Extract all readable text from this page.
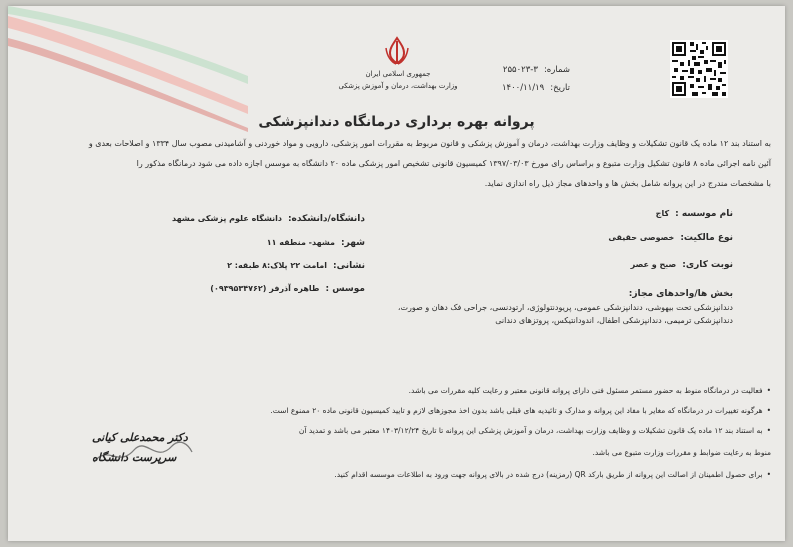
جمهوری اسلامی ایران
وزارت بهداشت، درمان و آموزش پزشکی
شماره:۳-۲۵۵۰۲۳
تاریخ:۱۴۰۰/۱۱/۱۹
پروانه بهره برداری درمانگاه دندانپزشکی
به استناد بند ۱۲ ماده یک قانون تشکیلات و وظایف وزارت بهداشت، درمان و آموزش پزشکی و قانون مربوط به مقررات امور پزشکی، دارویی و مواد خوردنی و آشامیدنی مصوب سال ۱۳۳۴ و اصلاحات بعدی و
آئین نامه اجرائی ماده ۸ قانون تشکیل وزارت متبوع و براساس رای مورخ ۱۳۹۷/۰۳/۰۳ کمیسیون قانونی تشخیص امور پزشکی ماده ۲۰ دانشگاه به موسس اجازه داده می شود درمانگاه مذکور را
با مشخصات مندرج در این پروانه شامل بخش ها و واحدهای مجاز ذیل راه اندازی نماید.
نام موسسه :کاج
نوع مالکیت:خصوصی حقیقی
نوبت کاری:صبح و عصر
دانشگاه/دانشکده:دانشگاه علوم پزشکی مشهد
شهر:مشهد- منطقه ۱۱
نشانی:امامت ۲۲ پلاک:۸ طبقه: ۲
موسس :طاهره آذرفر (۰۹۳۹۵۳۴۷۶۲)
بخش ها/واحدهای مجاز:
دندانپزشکی تحت بیهوشی، دندانپزشکی عمومی، پریودنتولوژی، ارتودنسی، جراحی فک دهان و صورت،
دندانپزشکی ترمیمی، دندانپزشکی اطفال، اندودانتیکس، پروتزهای دندانی
•فعالیت در درمانگاه منوط به حضور مستمر مسئول فنی دارای پروانه قانونی معتبر و رعایت کلیه مقررات می باشد.
•هرگونه تغییرات در درمانگاه که مغایر با مفاد این پروانه و مدارک و تائیدیه های قبلی باشد بدون اخذ مجوزهای لازم و تایید کمیسیون قانونی ماده ۲۰ ممنوع است.
•به استناد بند ۱۲ ماده یک قانون تشکیلات و وظایف وزارت بهداشت، درمان و آموزش پزشکی این پروانه تا تاریخ ۱۴۰۳/۱۲/۲۴ معتبر می باشد و تمدید آن
منوط به رعایت ضوابط و مقررات وزارت متبوع می باشد.
•برای حصول اطمینان از اصالت این پروانه از طریق بارکد QR (رمزینه) درج شده در بالای پروانه جهت ورود به اطلاعات موسسه اقدام کنید.
دکتر محمدعلی کیانی
سرپرست دانشگاه
